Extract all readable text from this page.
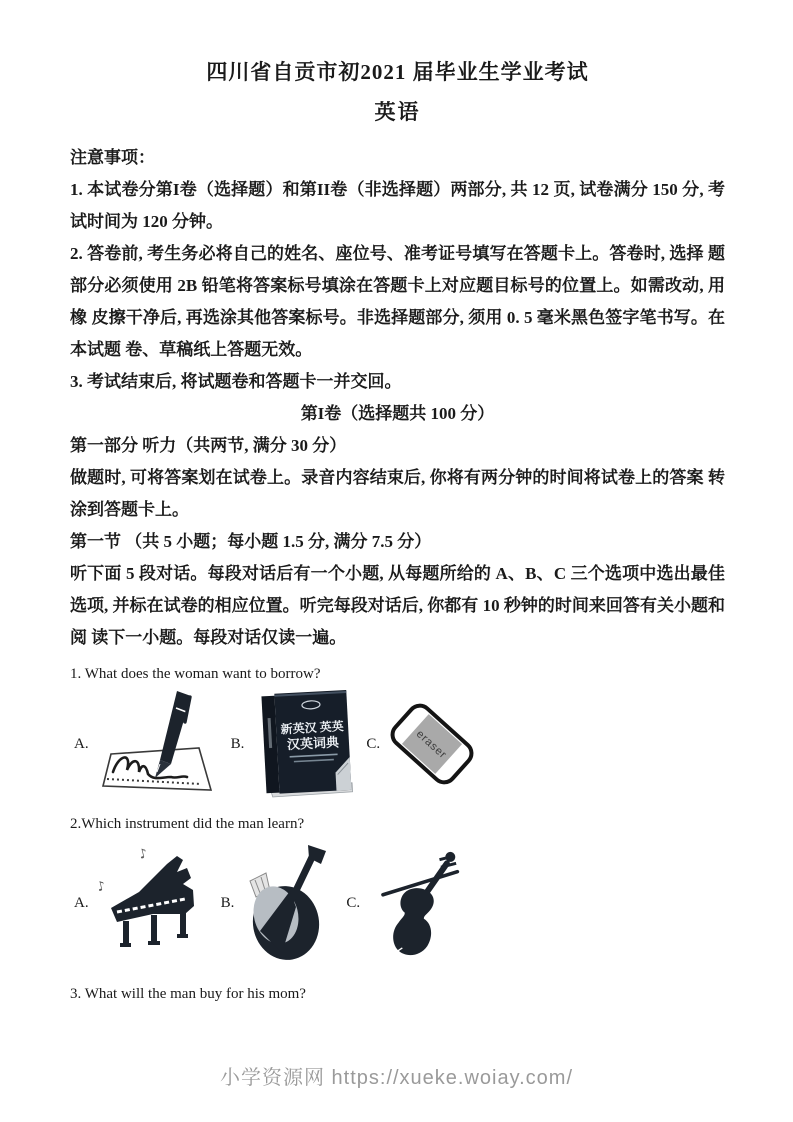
四川省自贡市初2021 届毕业生学业考试
英语
注意事项：

1. 本试卷分第I卷（选择题）和第II卷（非选择题）两部分, 共 12 页, 试卷满分 150 分, 考试时间为 120 分钟。

2. 答卷前, 考生务必将自己的姓名、座位号、准考证号填写在答题卡上。答卷时, 选择 题部分必须使用 2B 铅笔将答案标号填涂在答题卡上对应题目标号的位置上。如需改动, 用橡 皮擦干净后, 再选涂其他答案标号。非选择题部分, 须用 0. 5 毫米黑色签字笔书写。在本试题 卷、草稿纸上答题无效。

3. 考试结束后, 将试题卷和答题卡一并交回。

第I卷（选择题共 100 分）

第一部分 听力（共两节, 满分 30 分）

做题时, 可将答案划在试卷上。录音内容结束后, 你将有两分钟的时间将试卷上的答案 转涂到答题卡上。

第一节 （共 5 小题；每小题 1.5 分, 满分 7.5 分）

听下面 5 段对话。每段对话后有一个小题, 从每题所给的 A、B、C 三个选项中选出最佳 选项, 并标在试卷的相应位置。听完每段对话后, 你都有 10 秒钟的时间来回答有关小题和阅 读下一小题。每段对话仅读一遍。

1. What does the woman want to borrow?

A.	B.
新英汉 英英
汉英词典 C. eraser

2.Which instrument did the man learn?

A.
♪
♪
B.	C.

3. What will the man buy for his mom?

小学资源网 https://xueke.woiay.com/
